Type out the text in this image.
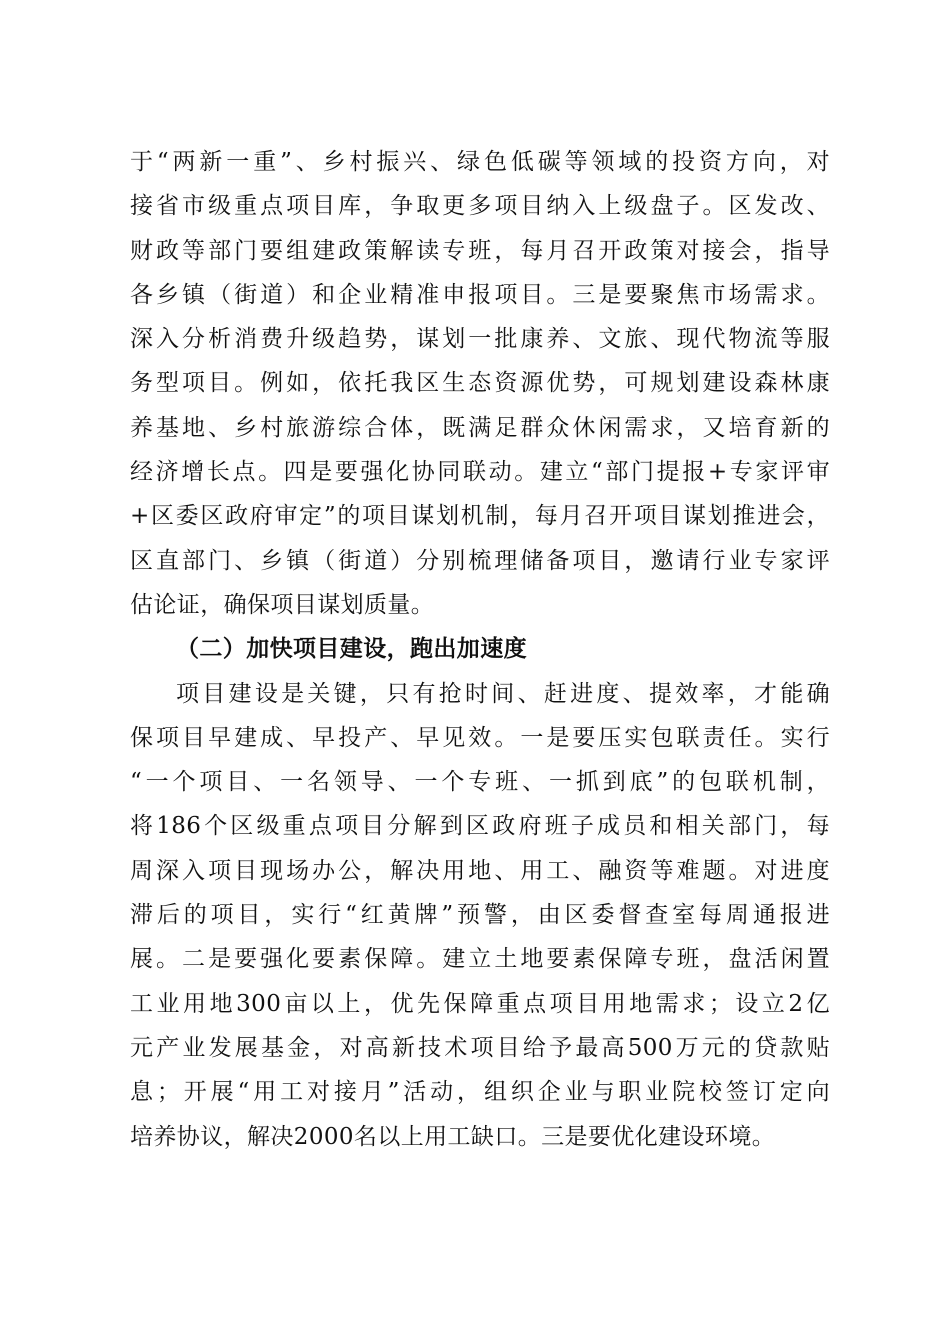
于“两新一重”、乡村振兴、绿色低碳等领域的投资方向，对
接省市级重点项目库，争取更多项目纳入上级盘子。区发改、
财政等部门要组建政策解读专班，每月召开政策对接会，指导
各乡镇（街道）和企业精准申报项目。三是要聚焦市场需求。
深入分析消费升级趋势，谋划一批康养、文旅、现代物流等服
务型项目。例如，依托我区生态资源优势，可规划建设森林康
养基地、乡村旅游综合体，既满足群众休闲需求，又培育新的
经济增长点。四是要强化协同联动。建立“部门提报+专家评审
+区委区政府审定”的项目谋划机制，每月召开项目谋划推进会，
区直部门、乡镇（街道）分别梳理储备项目，邀请行业专家评
估论证，确保项目谋划质量。
（二）加快项目建设，跑出加速度
项目建设是关键，只有抢时间、赶进度、提效率，才能确
保项目早建成、早投产、早见效。一是要压实包联责任。实行
“一个项目、一名领导、一个专班、一抓到底”的包联机制，
将186个区级重点项目分解到区政府班子成员和相关部门，每
周深入项目现场办公，解决用地、用工、融资等难题。对进度
滞后的项目，实行“红黄牌”预警，由区委督查室每周通报进
展。二是要强化要素保障。建立土地要素保障专班，盘活闲置
工业用地300亩以上，优先保障重点项目用地需求；设立2亿
元产业发展基金，对高新技术项目给予最高500万元的贷款贴
息；开展“用工对接月”活动，组织企业与职业院校签订定向
培养协议，解决2000名以上用工缺口。三是要优化建设环境。
